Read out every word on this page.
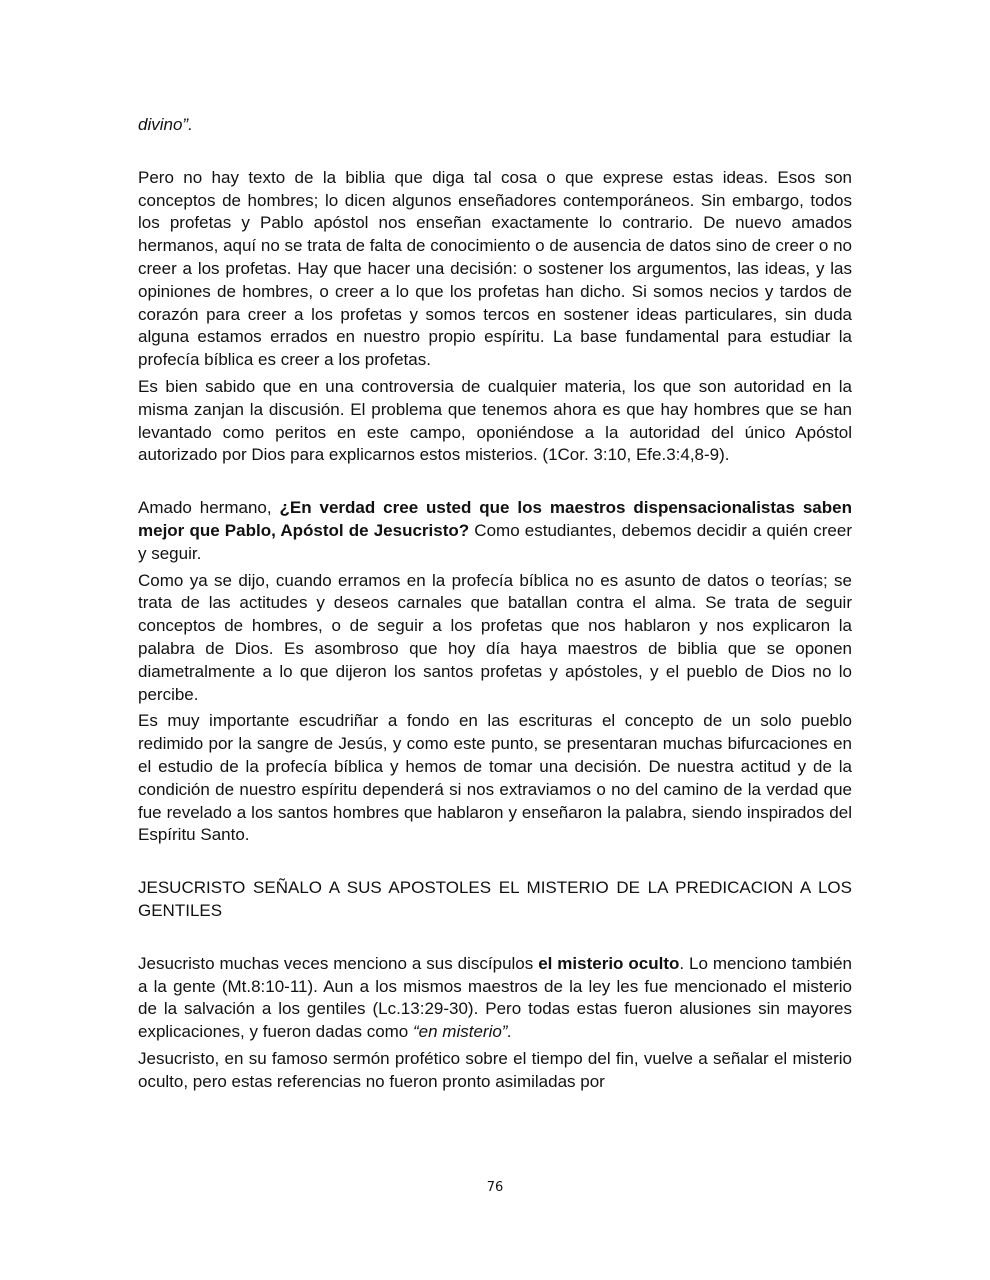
divino”.

Pero no hay texto de la biblia que diga tal cosa o que exprese estas ideas. Esos son conceptos de hombres; lo dicen algunos enseñadores contemporáneos. Sin embargo, todos los profetas y Pablo apóstol nos enseñan exactamente lo contrario. De nuevo amados hermanos, aquí no se trata de falta de conocimiento o de ausencia de datos sino de creer o no creer a los profetas. Hay que hacer una decisión: o sostener los argumentos, las ideas, y las opiniones de hombres, o creer a lo que los profetas han dicho. Si somos necios y tardos de corazón para creer a los profetas y somos tercos en sostener ideas particulares, sin duda alguna estamos errados en nuestro propio espíritu. La base fundamental para estudiar la profecía bíblica es creer a los profetas.

Es bien sabido que en una controversia de cualquier materia, los que son autoridad en la misma zanjan la discusión. El problema que tenemos ahora es que hay hombres que se han levantado como peritos en este campo, oponiéndose a la autoridad del único Apóstol autorizado por Dios para explicarnos estos misterios. (1Cor. 3:10, Efe.3:4,8-9).

Amado hermano, ¿En verdad cree usted que los maestros dispensacionalistas saben mejor que Pablo, Apóstol de Jesucristo? Como estudiantes, debemos decidir a quién creer y seguir.

Como ya se dijo, cuando erramos en la profecía bíblica no es asunto de datos o teorías; se trata de las actitudes y deseos carnales que batallan contra el alma. Se trata de seguir conceptos de hombres, o de seguir a los profetas que nos hablaron y nos explicaron la palabra de Dios. Es asombroso que hoy día haya maestros de biblia que se oponen diametralmente a lo que dijeron los santos profetas y apóstoles, y el pueblo de Dios no lo percibe.

Es muy importante escudriñar a fondo en las escrituras el concepto de un solo pueblo redimido por la sangre de Jesús, y como este punto, se presentaran muchas bifurcaciones en el estudio de la profecía bíblica y hemos de tomar una decisión. De nuestra actitud y de la condición de nuestro espíritu dependerá si nos extraviamos o no del camino de la verdad que fue revelado a los santos hombres que hablaron y enseñaron la palabra, siendo inspirados del Espíritu Santo.

JESUCRISTO SEÑALO A SUS APOSTOLES EL MISTERIO DE LA PREDICACION A LOS GENTILES

Jesucristo muchas veces menciono a sus discípulos el misterio oculto. Lo menciono también a la gente (Mt.8:10-11). Aun a los mismos maestros de la ley les fue mencionado el misterio de la salvación a los gentiles (Lc.13:29-30). Pero todas estas fueron alusiones sin mayores explicaciones, y fueron dadas como “en misterio”.

Jesucristo, en su famoso sermón profético sobre el tiempo del fin, vuelve a señalar el misterio oculto, pero estas referencias no fueron pronto asimiladas por

76
